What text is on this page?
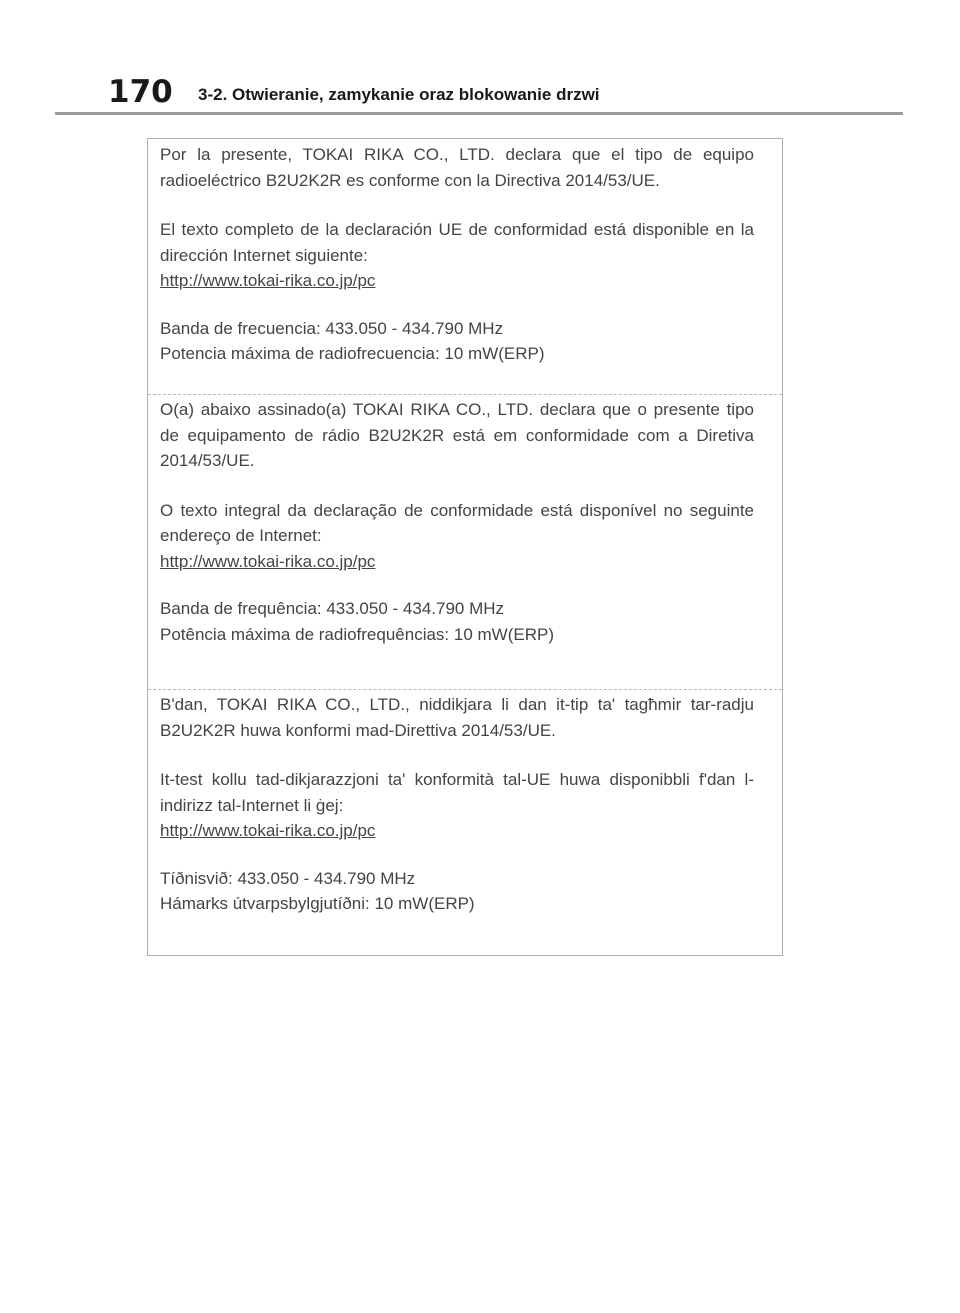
170 3-2. Otwieranie, zamykanie oraz blokowanie drzwi

Por la presente, TOKAI RIKA CO., LTD. declara que el tipo de equipo radioeléctrico B2U2K2R es conforme con la Directiva 2014/53/UE.

El texto completo de la declaración UE de conformidad está disponible en la dirección Internet siguiente:

http://www.tokai-rika.co.jp/pc

Banda de frecuencia: 433.050 - 434.790 MHz

Potencia máxima de radiofrecuencia: 10 mW(ERP)

O(a) abaixo assinado(a) TOKAI RIKA CO., LTD. declara que o presente tipo de equipamento de rádio B2U2K2R está em conformidade com a Diretiva 2014/53/UE.

O texto integral da declaração de conformidade está disponível no seguinte endereço de Internet:

http://www.tokai-rika.co.jp/pc

Banda de frequência: 433.050 - 434.790 MHz

Potência máxima de radiofrequências: 10 mW(ERP)

B'dan, TOKAI RIKA CO., LTD., niddikjara li dan it-tip ta' tagħmir tar-radju B2U2K2R huwa konformi mad-Direttiva 2014/53/UE.

It-test kollu tad-dikjarazzjoni ta' konformità tal-UE huwa disponibbli f'dan l-indirizz tal-Internet li ġej:

http://www.tokai-rika.co.jp/pc

Tíðnisvið: 433.050 - 434.790 MHz

Hámarks útvarpsbylgjutíðni: 10 mW(ERP)
